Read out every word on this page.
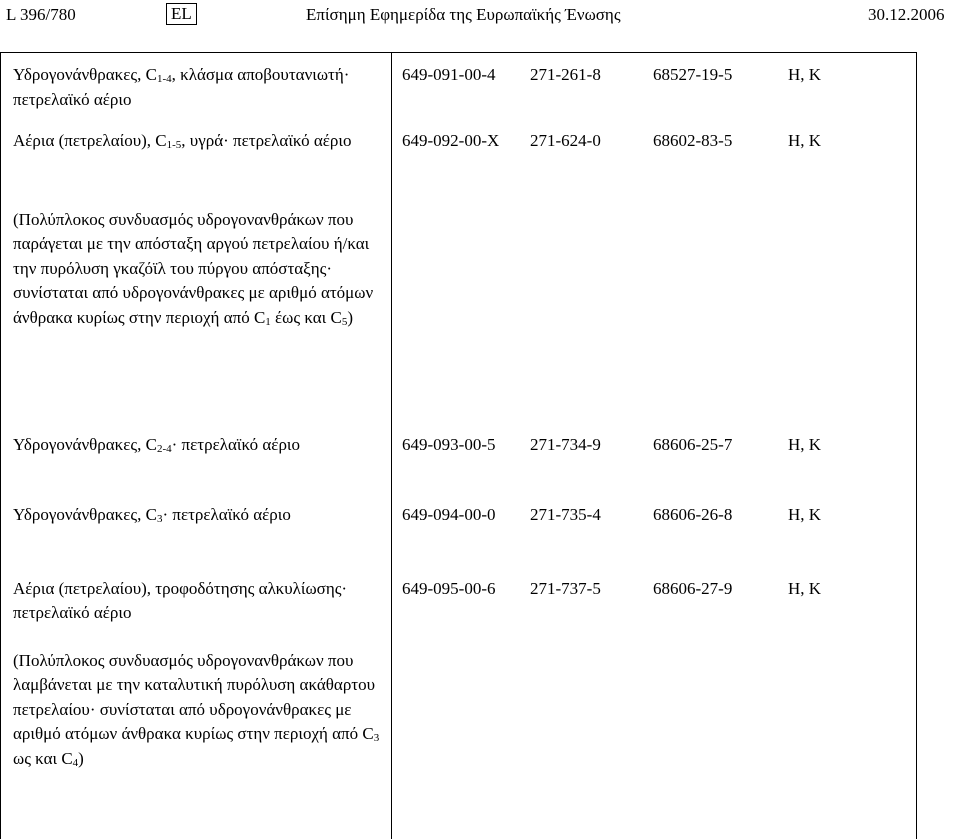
L 396/780	EL	Επίσημη Εφημερίδα της Ευρωπαϊκής Ένωσης	30.12.2006
Υδρογονάνθρακες, $C_{1-4}$, κλάσμα αποβουτανιωτή· πετρελαϊκό αέριο	649-091-00-4	271-261-8	68527-19-5	H, K
Αέρια (πετρελαίου), $C_{1-5}$, υγρά· πετρελαϊκό αέριο	649-092-00-X	271-624-0	68602-83-5	H, K
(Πολύπλοκος συνδυασμός υδρογονανθράκων που παράγεται με την απόσταξη αργού πετρελαίου ή/και την πυρόλυση γκαζόϊλ του πύργου απόσταξης· συνίσταται από υδρογονάνθρακες με αριθμό ατόμων άνθρακα κυρίως στην περιοχή από $C_1$ έως και $C_5$)				
Υδρογονάνθρακες, $C_{2-4}\cdot \pi\varepsilon\tau\rho\varepsilon\lambda\alpha ϊ\kappa ό$ αέριο	649-093-00-5	271-734-9	68606-25-7	H, K
Υδρογονάνθρακες, $C_3\cdot \pi\varepsilon\tau\rho\varepsilon\lambda\alpha ϊ\kappa ό$ αέριο	649-094-00-0	271-735-4	68606-26-8	H, K
Αέρια (πετρελαίου), τροφοδότησης αλκυλίωσης· πετρελαϊκό αέριο	649-095-00-6	271-737-5	68606-27-9	H, K
(Πολύπλοκος συνδυασμός υδρογονανθράκων που λαμβάνεται με την καταλυτική πυρόλυση ακάθαρτου πετρελαίου· συνίσταται από υδρογονάνθρακες με αριθμό ατόμων άνθρακα κυρίως στην περιοχή από $C_3$ ως και $C_4$)				
